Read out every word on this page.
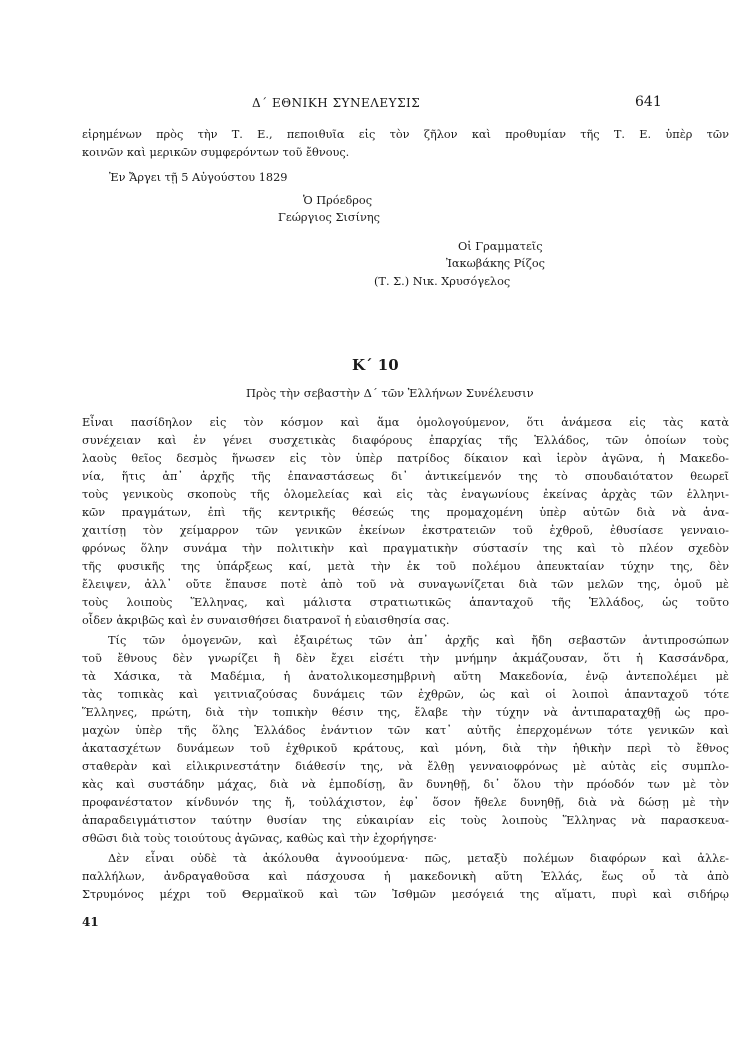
Δ΄ ΕΘΝΙΚΗ ΣΥΝΕΛΕΥΣΙΣ	641
εἰρημένων πρὸς τὴν Τ. Ε., πεποιθυῖα εἰς τὸν ζῆλον καὶ προθυμίαν τῆς Τ. Ε. ὑπὲρ τῶν
κοινῶν καὶ μερικῶν συμφερόντων τοῦ ἔθνους.
Ἐν Ἄργει τῇ 5 Αὐγούστου 1829
Ὁ Πρόεδρος
Γεώργιος Σισίνης
Οἱ Γραμματεῖς
Ἰακωβάκης Ρίζος
(Τ. Σ.) Νικ. Χρυσόγελος
Κ΄ 10
Πρὸς τὴν σεβαστὴν Δ΄ τῶν Ἑλλήνων Συνέλευσιν
Εἶναι πασίδηλον εἰς τὸν κόσμον καὶ ἅμα ὁμολογούμενον, ὅτι ἀνάμεσα εἰς τὰς κατὰ
συνέχειαν καὶ ἐν γένει συσχετικὰς διαφόρους ἐπαρχίας τῆς Ἑλλάδος, τῶν ὁποίων τοὺς
λαοὺς θεῖος δεσμὸς ἥνωσεν εἰς τὸν ὑπὲρ πατρίδος δίκαιον καὶ ἱερὸν ἀγῶνα, ἡ Μακεδο-
νία, ἥτις ἀπ᾽ ἀρχῆς τῆς ἐπαναστάσεως δι᾽ ἀντικείμενόν της τὸ σπουδαιότατον θεωρεῖ
τοὺς γενικοὺς σκοποὺς τῆς ὁλομελείας καὶ εἰς τὰς ἐναγωνίους ἐκείνας ἀρχὰς τῶν ἑλληνι-
κῶν πραγμάτων, ἐπὶ τῆς κεντρικῆς θέσεώς της προμαχομένη ὑπὲρ αὐτῶν διὰ νὰ ἀνα-
χαιτίσῃ τὸν χείμαρρον τῶν γενικῶν ἐκείνων ἐκστρατειῶν τοῦ ἐχθροῦ, ἐθυσίασε γενναιο-
φρόνως ὅλην συνάμα τὴν πολιτικὴν καὶ πραγματικὴν σύστασίν της καὶ τὸ πλέον σχεδὸν
τῆς φυσικῆς της ὑπάρξεως καί, μετὰ τὴν ἐκ τοῦ πολέμου ἀπευκταίαν τύχην της, δὲν
ἔλειψεν, ἀλλ᾽ οὔτε ἔπαυσε ποτὲ ἀπὸ τοῦ νὰ συναγωνίζεται διὰ τῶν μελῶν της, ὁμοῦ μὲ
τοὺς λοιποὺς Ἕλληνας, καὶ μάλιστα στρατιωτικῶς ἁπανταχοῦ τῆς Ἑλλάδος, ὡς τοῦτο
οἶδεν ἀκριβῶς καὶ ἐν συναισθήσει διατρανοῖ ἡ εὐαισθησία σας.
Τίς τῶν ὁμογενῶν, καὶ ἐξαιρέτως τῶν ἀπ᾽ ἀρχῆς καὶ ἤδη σεβαστῶν ἀντιπροσώπων
τοῦ ἔθνους δὲν γνωρίζει ἢ δὲν ἔχει εἰσέτι τὴν μνήμην ἀκμάζουσαν, ὅτι ἡ Κασσάνδρα,
τὰ Χάσικα, τὰ Μαδέμια, ἡ ἀνατολικομεσημβρινὴ αὕτη Μακεδονία, ἐνῷ ἀντεπολέμει μὲ
τὰς τοπικὰς καὶ γειτνιαζούσας δυνάμεις τῶν ἐχθρῶν, ὡς καὶ οἱ λοιποὶ ἁπανταχοῦ τότε
Ἕλληνες, πρώτη, διὰ τὴν τοπικὴν θέσιν της, ἔλαβε τὴν τύχην νὰ ἀντιπαραταχθῇ ὡς προ-
μαχὼν ὑπὲρ τῆς ὅλης Ἑλλάδος ἐνάντιον τῶν κατ᾽ αὐτῆς ἐπερχομένων τότε γενικῶν καὶ
ἀκατασχέτων δυνάμεων τοῦ ἐχθρικοῦ κράτους, καὶ μόνη, διὰ τὴν ἠθικὴν περὶ τὸ ἔθνος
σταθερὰν καὶ εἰλικρινεστάτην διάθεσίν της, νὰ ἔλθῃ γενναιοφρόνως μὲ αὐτὰς εἰς συμπλο-
κὰς καὶ συστάδην μάχας, διὰ νὰ ἐμποδίσῃ, ἂν δυνηθῇ, δι᾽ ὅλου τὴν πρόοδόν των μὲ τὸν
προφανέστατον κίνδυνόν της ἤ, τοὐλάχιστον, ἐφ᾽ ὅσον ἤθελε δυνηθῇ, διὰ νὰ δώσῃ μὲ τὴν
ἀπαραδειγμάτιστον ταύτην θυσίαν της εὐκαιρίαν εἰς τοὺς λοιποὺς Ἕλληνας νὰ παρασκευα-
σθῶσι διὰ τοὺς τοιούτους ἀγῶνας, καθὼς καὶ τὴν ἐχορήγησε·
Δὲν εἶναι οὐδὲ τὰ ἀκόλουθα ἀγνοούμενα· πῶς, μεταξὺ πολέμων διαφόρων καὶ ἀλλε-
παλλήλων, ἀνδραγαθοῦσα καὶ πάσχουσα ἡ μακεδονικὴ αὕτη Ἑλλάς, ἕως οὗ τὰ ἀπὸ
Στρυμόνος μέχρι τοῦ Θερμαϊκοῦ καὶ τῶν Ἰσθμῶν μεσόγειά της αἵματι, πυρὶ καὶ σιδήρῳ
41
